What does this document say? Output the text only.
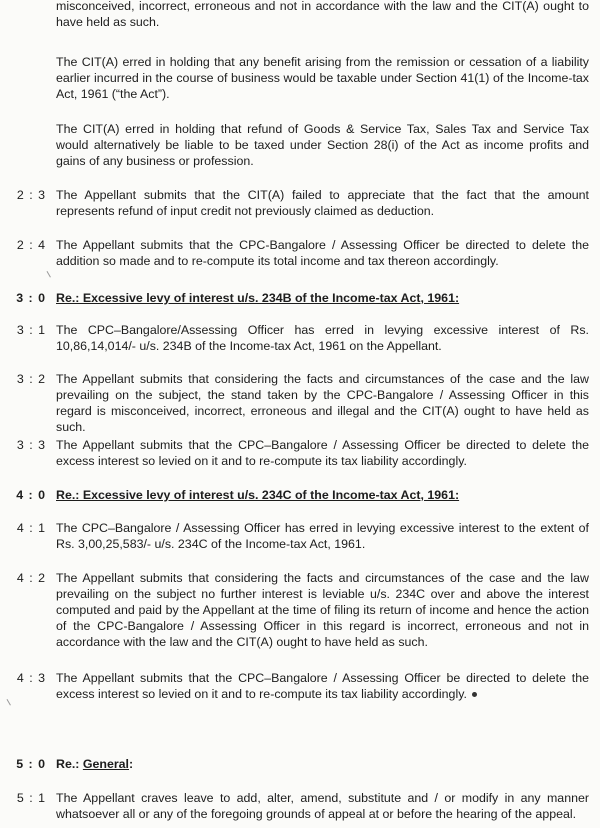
misconceived, incorrect, erroneous and not in accordance with the law and the CIT(A) ought to have held as such.
The CIT(A) erred in holding that any benefit arising from the remission or cessation of a liability earlier incurred in the course of business would be taxable under Section 41(1) of the Income-tax Act, 1961 (“the Act”).
The CIT(A) erred in holding that refund of Goods & Service Tax, Sales Tax and Service Tax would alternatively be liable to be taxed under Section 28(i) of the Act as income profits and gains of any business or profession.
2 : 3 The Appellant submits that the CIT(A) failed to appreciate that the fact that the amount represents refund of input credit not previously claimed as deduction.
2 : 4 The Appellant submits that the CPC-Bangalore / Assessing Officer be directed to delete the addition so made and to re-compute its total income and tax thereon accordingly.
3 : 0 Re.: Excessive levy of interest u/s. 234B of the Income-tax Act, 1961:
3 : 1 The CPC–Bangalore/Assessing Officer has erred in levying excessive interest of Rs. 10,86,14,014/- u/s. 234B of the Income-tax Act, 1961 on the Appellant.
3 : 2 The Appellant submits that considering the facts and circumstances of the case and the law prevailing on the subject, the stand taken by the CPC-Bangalore / Assessing Officer in this regard is misconceived, incorrect, erroneous and illegal and the CIT(A) ought to have held as such.
3 : 3 The Appellant submits that the CPC–Bangalore / Assessing Officer be directed to delete the excess interest so levied on it and to re-compute its tax liability accordingly.
4 : 0 Re.: Excessive levy of interest u/s. 234C of the Income-tax Act, 1961:
4 : 1 The CPC–Bangalore / Assessing Officer has erred in levying excessive interest to the extent of Rs. 3,00,25,583/- u/s. 234C of the Income-tax Act, 1961.
4 : 2 The Appellant submits that considering the facts and circumstances of the case and the law prevailing on the subject no further interest is leviable u/s. 234C over and above the interest computed and paid by the Appellant at the time of filing its return of income and hence the action of the CPC-Bangalore / Assessing Officer in this regard is incorrect, erroneous and not in accordance with the law and the CIT(A) ought to have held as such.
4 : 3 The Appellant submits that the CPC–Bangalore / Assessing Officer be directed to delete the excess interest so levied on it and to re-compute its tax liability accordingly.
5 : 0 Re.: General:
5 : 1 The Appellant craves leave to add, alter, amend, substitute and / or modify in any manner whatsoever all or any of the foregoing grounds of appeal at or before the hearing of the appeal.
